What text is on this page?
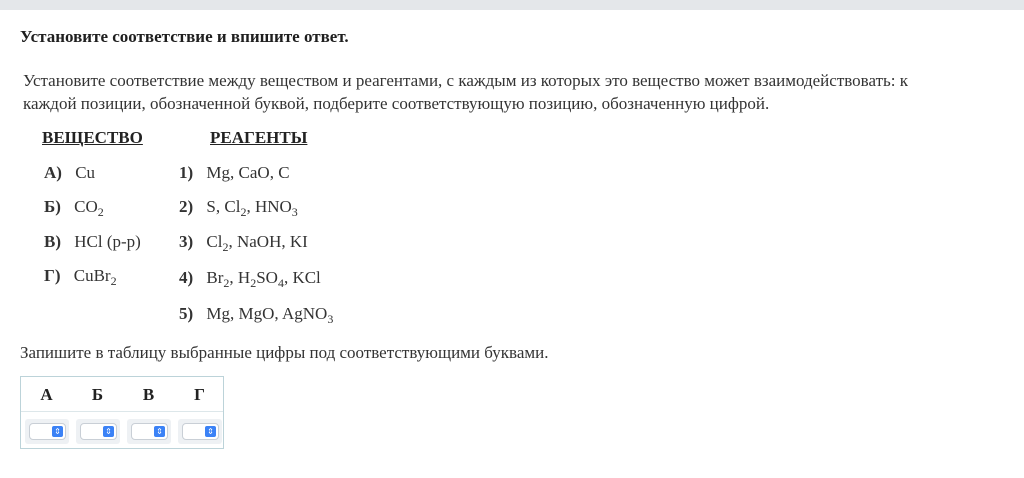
Установите соответствие и впишите ответ.
Установите соответствие между веществом и реагентами, с каждым из которых это вещество может взаимодействовать: к
каждой позиции, обозначенной буквой, подберите соответствующую позицию, обозначенную цифрой.
ВЕЩЕСТВО	РЕАГЕНТЫ
А) Cu
Б) $CO_2$
В) HCl (р-р)
Г) CuBr$_2$
1) Mg, CaO, C
2) S, $Cl_2$, $HNO_3$
3) $Cl_2$, NaOH, KI
4) $Br_2$, $H_2SO_4$, KCl
5) Mg, MgO, AgNO$_3$
Запишите в таблицу выбранные цифры под соответствующими буквами.
А	Б	В	Г
⇕	⇕	⇕	⇕
